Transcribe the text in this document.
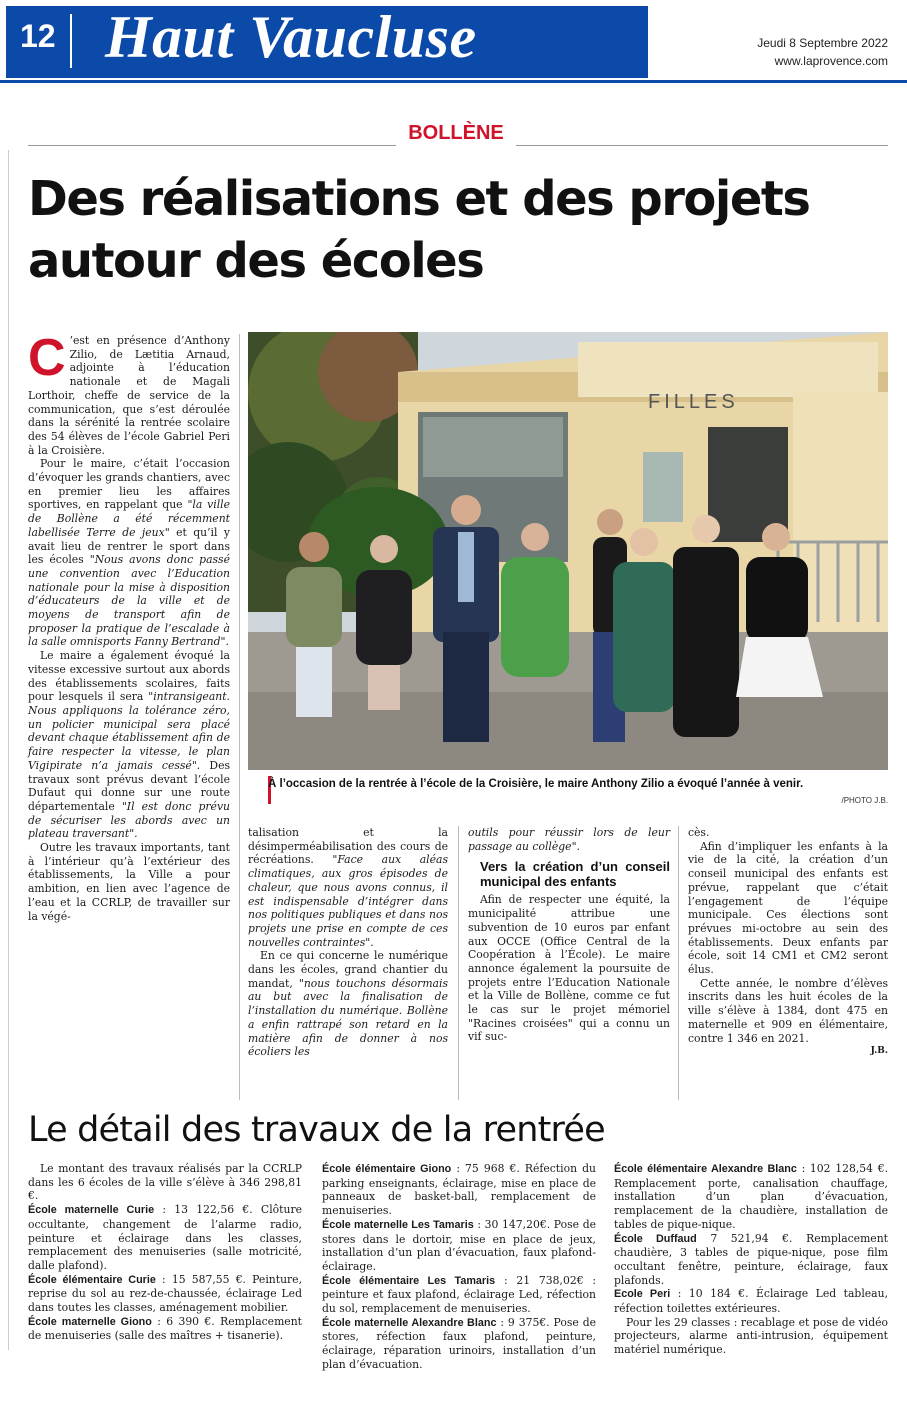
12 Haut Vaucluse	Jeudi 8 Septembre 2022
www.laprovence.com
BOLLÈNE
Des réalisations et des projets
autour des écoles

C ’est en présence d’Anthony Zilio, de Lætitia Arnaud, adjointe à l’éducation nationale et de Magali Lorthoir, cheffe de service de la communication, que s’est déroulée dans la sérénité la rentrée scolaire des 54 élèves de l’école Gabriel Peri à la Croisière.

Pour le maire, c’était l’occasion d’évoquer les grands chantiers, avec en premier lieu les affaires sportives, en rappelant que "la ville de Bollène a été récemment labellisée Terre de jeux" et qu’il y avait lieu de rentrer le sport dans les écoles "Nous avons donc passé une convention avec l’Education nationale pour la mise à disposition d’éducateurs de la ville et de moyens de transport afin de proposer la pratique de l’escalade à la salle omnisports Fanny Bertrand".

Le maire a également évoqué la vitesse excessive surtout aux abords des établissements scolaires, faits pour lesquels il sera "intransigeant. Nous appliquons la tolérance zéro, un policier municipal sera placé devant chaque établissement afin de faire respecter la vitesse, le plan Vigipirate n’a jamais cessé". Des travaux sont prévus devant l’école Dufaut qui donne sur une route départementale "Il est donc prévu de sécuriser les abords avec un plateau traversant".

Outre les travaux importants, tant à l’intérieur qu’à l’extérieur des établissements, la Ville a pour ambition, en lien avec l’agence de l’eau et la CCRLP, de travailler sur la végé-

FILLES
À l’occasion de la rentrée à l’école de la Croisière, le maire Anthony Zilio a évoqué l’année à venir.
/PHOTO J.B.

talisation et la désimperméabilisation des cours de récréations. "Face aux aléas climatiques, aux gros épisodes de chaleur, que nous avons connus, il est indispensable d’intégrer dans nos politiques publiques et dans nos projets une prise en compte de ces nouvelles contraintes".

En ce qui concerne le numérique dans les écoles, grand chantier du mandat, "nous touchons désormais au but avec la finalisation de l’installation du numérique. Bollène a enfin rattrapé son retard en la matière afin de donner à nos écoliers les

outils pour réussir lors de leur passage au collège".

Vers la création d’un conseil municipal des enfants

Afin de respecter une équité, la municipalité attribue une subvention de 10 euros par enfant aux OCCE (Office Central de la Coopération à l’École). Le maire annonce également la poursuite de projets entre l’Education Nationale et la Ville de Bollène, comme ce fut le cas sur le projet mémoriel "Racines croisées" qui a connu un vif suc-

cès.

Afin d’impliquer les enfants à la vie de la cité, la création d’un conseil municipal des enfants est prévue, rappelant que c’était l’engagement de l’équipe municipale. Ces élections sont prévues mi-octobre au sein des établissements. Deux enfants par école, soit 14 CM1 et CM2 seront élus.

Cette année, le nombre d’élèves inscrits dans les huit écoles de la ville s’élève à 1384, dont 475 en maternelle et 909 en élémentaire, contre 1 346 en 2021.

J.B.
Le détail des travaux de la rentrée

Le montant des travaux réalisés par la CCRLP dans les 6 écoles de la ville s’élève à 346 298,81 €.

École maternelle Curie : 13 122,56 €. Clôture occultante, changement de l’alarme radio, peinture et éclairage dans les classes, remplacement des menuiseries (salle motricité, dalle plafond).

École élémentaire Curie : 15 587,55 €. Peinture, reprise du sol au rez-de-chaussée, éclairage Led dans toutes les classes, aménagement mobilier.

École maternelle Giono : 6 390 €. Remplacement de menuiseries (salle des maîtres + tisanerie).

École élémentaire Giono : 75 968 €. Réfection du parking enseignants, éclairage, mise en place de panneaux de basket-ball, remplacement de menuiseries.

École maternelle Les Tamaris : 30 147,20€. Pose de stores dans le dortoir, mise en place de jeux, installation d’un plan d’évacuation, faux plafond-éclairage.

École élémentaire Les Tamaris : 21 738,02€ : peinture et faux plafond, éclairage Led, réfection du sol, remplacement de menuiseries.

École maternelle Alexandre Blanc : 9 375€. Pose de stores, réfection faux plafond, peinture, éclairage, réparation urinoirs, installation d’un plan d’évacuation.

École élémentaire Alexandre Blanc : 102 128,54 €. Remplacement porte, canalisation chauffage, installation d’un plan d’évacuation, remplacement de la chaudière, installation de tables de pique-nique.

École Duffaud 7 521,94 €. Remplacement chaudière, 3 tables de pique-nique, pose film occultant fenêtre, peinture, éclairage, faux plafonds.

Ecole Peri : 10 184 €. Éclairage Led tableau, réfection toilettes extérieures.

Pour les 29 classes : recablage et pose de vidéo projecteurs, alarme anti-intrusion, équipement matériel numérique.
